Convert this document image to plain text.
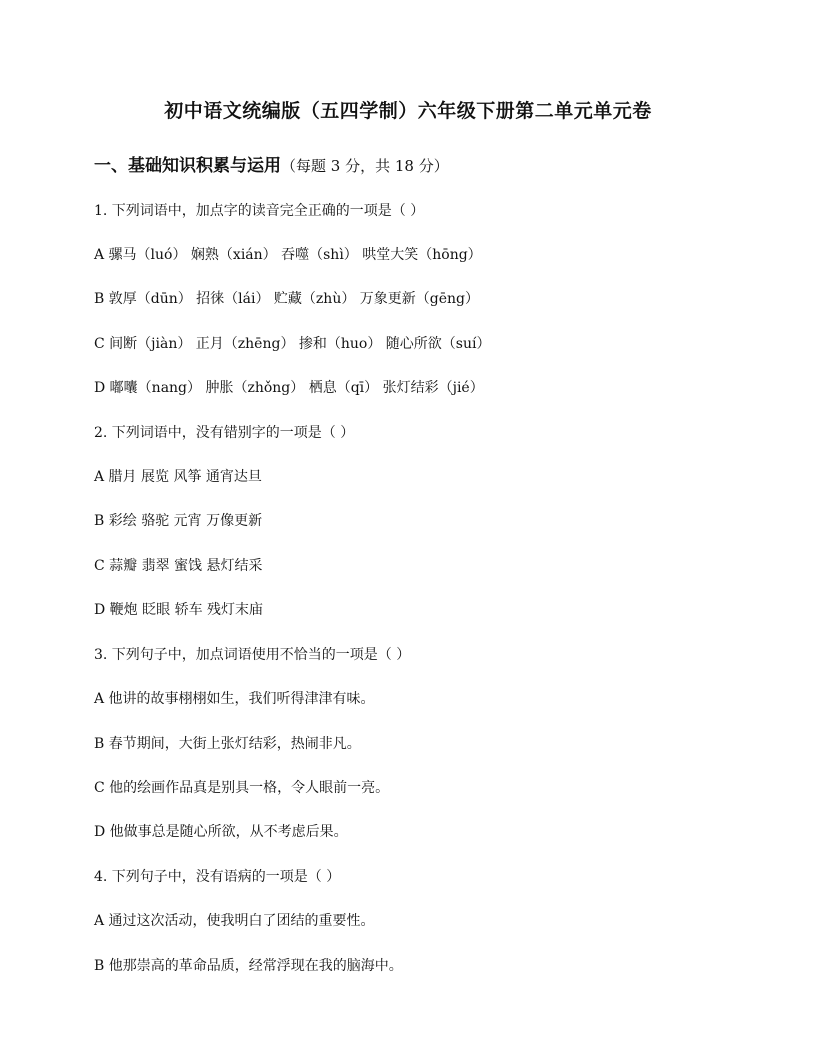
初中语文统编版（五四学制）六年级下册第二单元单元卷
一、基础知识积累与运用（每题 3 分，共 18 分）
1. 下列词语中，加点字的读音完全正确的一项是（ ）
A 骡马（luó） 娴熟（xián） 吞噬（shì） 哄堂大笑（hōng）
B 敦厚（dūn） 招徕（lái） 贮藏（zhù） 万象更新（gēng）
C 间断（jiàn） 正月（zhēng） 掺和（huo） 随心所欲（suí）
D 嘟囔（nang） 肿胀（zhǒng） 栖息（qī） 张灯结彩（jié）
2. 下列词语中，没有错别字的一项是（ ）
A 腊月 展览 风筝 通宵达旦
B 彩绘 骆驼 元宵 万像更新
C 蒜瓣 翡翠 蜜饯 悬灯结采
D 鞭炮 眨眼 轿车 残灯末庙
3. 下列句子中，加点词语使用不恰当的一项是（ ）
A 他讲的故事栩栩如生，我们听得津津有味。
B 春节期间，大街上张灯结彩，热闹非凡。
C 他的绘画作品真是别具一格，令人眼前一亮。
D 他做事总是随心所欲，从不考虑后果。
4. 下列句子中，没有语病的一项是（ ）
A 通过这次活动，使我明白了团结的重要性。
B 他那崇高的革命品质，经常浮现在我的脑海中。
